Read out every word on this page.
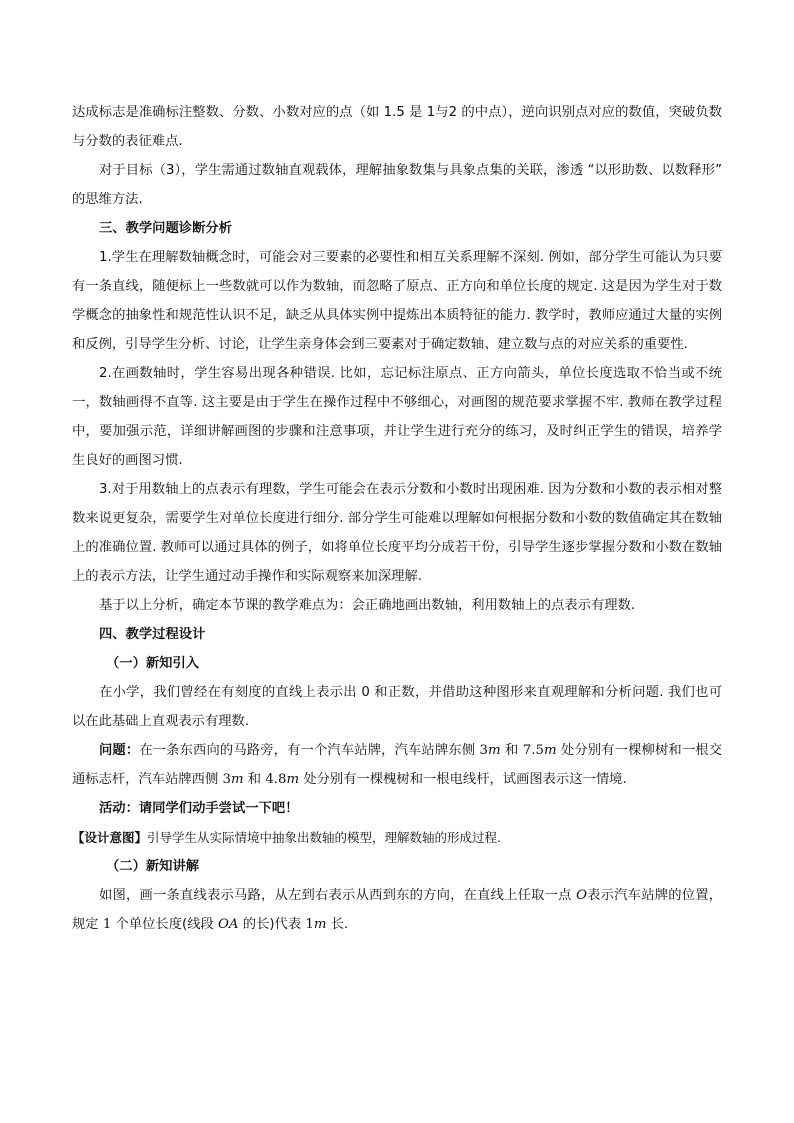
达成标志是准确标注整数、分数、小数对应的点（如 1.5 是 1与2 的中点），逆向识别点对应的数值，突破负数与分数的表征难点.

对于目标（3），学生需通过数轴直观载体，理解抽象数集与具象点集的关联，渗透 “以形助数、以数释形” 的思维方法.

三、教学问题诊断分析

1.学生在理解数轴概念时，可能会对三要素的必要性和相互关系理解不深刻. 例如，部分学生可能认为只要有一条直线，随便标上一些数就可以作为数轴，而忽略了原点、正方向和单位长度的规定. 这是因为学生对于数学概念的抽象性和规范性认识不足，缺乏从具体实例中提炼出本质特征的能力. 教学时，教师应通过大量的实例和反例，引导学生分析、讨论，让学生亲身体会到三要素对于确定数轴、建立数与点的对应关系的重要性.

2.在画数轴时，学生容易出现各种错误. 比如，忘记标注原点、正方向箭头，单位长度选取不恰当或不统一，数轴画得不直等. 这主要是由于学生在操作过程中不够细心，对画图的规范要求掌握不牢. 教师在教学过程中，要加强示范，详细讲解画图的步骤和注意事项，并让学生进行充分的练习，及时纠正学生的错误，培养学生良好的画图习惯.

3.对于用数轴上的点表示有理数，学生可能会在表示分数和小数时出现困难. 因为分数和小数的表示相对整数来说更复杂，需要学生对单位长度进行细分. 部分学生可能难以理解如何根据分数和小数的数值确定其在数轴上的准确位置. 教师可以通过具体的例子，如将单位长度平均分成若干份，引导学生逐步掌握分数和小数在数轴上的表示方法，让学生通过动手操作和实际观察来加深理解.

基于以上分析，确定本节课的教学难点为：会正确地画出数轴，利用数轴上的点表示有理数.

四、教学过程设计

（一）新知引入

在小学，我们曾经在有刻度的直线上表示出 0 和正数，并借助这种图形来直观理解和分析问题. 我们也可以在此基础上直观表示有理数.

问题：在一条东西向的马路旁，有一个汽车站牌，汽车站牌东侧 3m 和 7.5m 处分别有一棵柳树和一根交通标志杆，汽车站牌西侧 3m 和 4.8m 处分别有一棵槐树和一根电线杆，试画图表示这一情境.

活动：请同学们动手尝试一下吧！

【设计意图】引导学生从实际情境中抽象出数轴的模型，理解数轴的形成过程.

（二）新知讲解

如图，画一条直线表示马路，从左到右表示从西到东的方向，在直线上任取一点 O表示汽车站牌的位置，规定 1 个单位长度(线段 OA 的长)代表 1m 长.
